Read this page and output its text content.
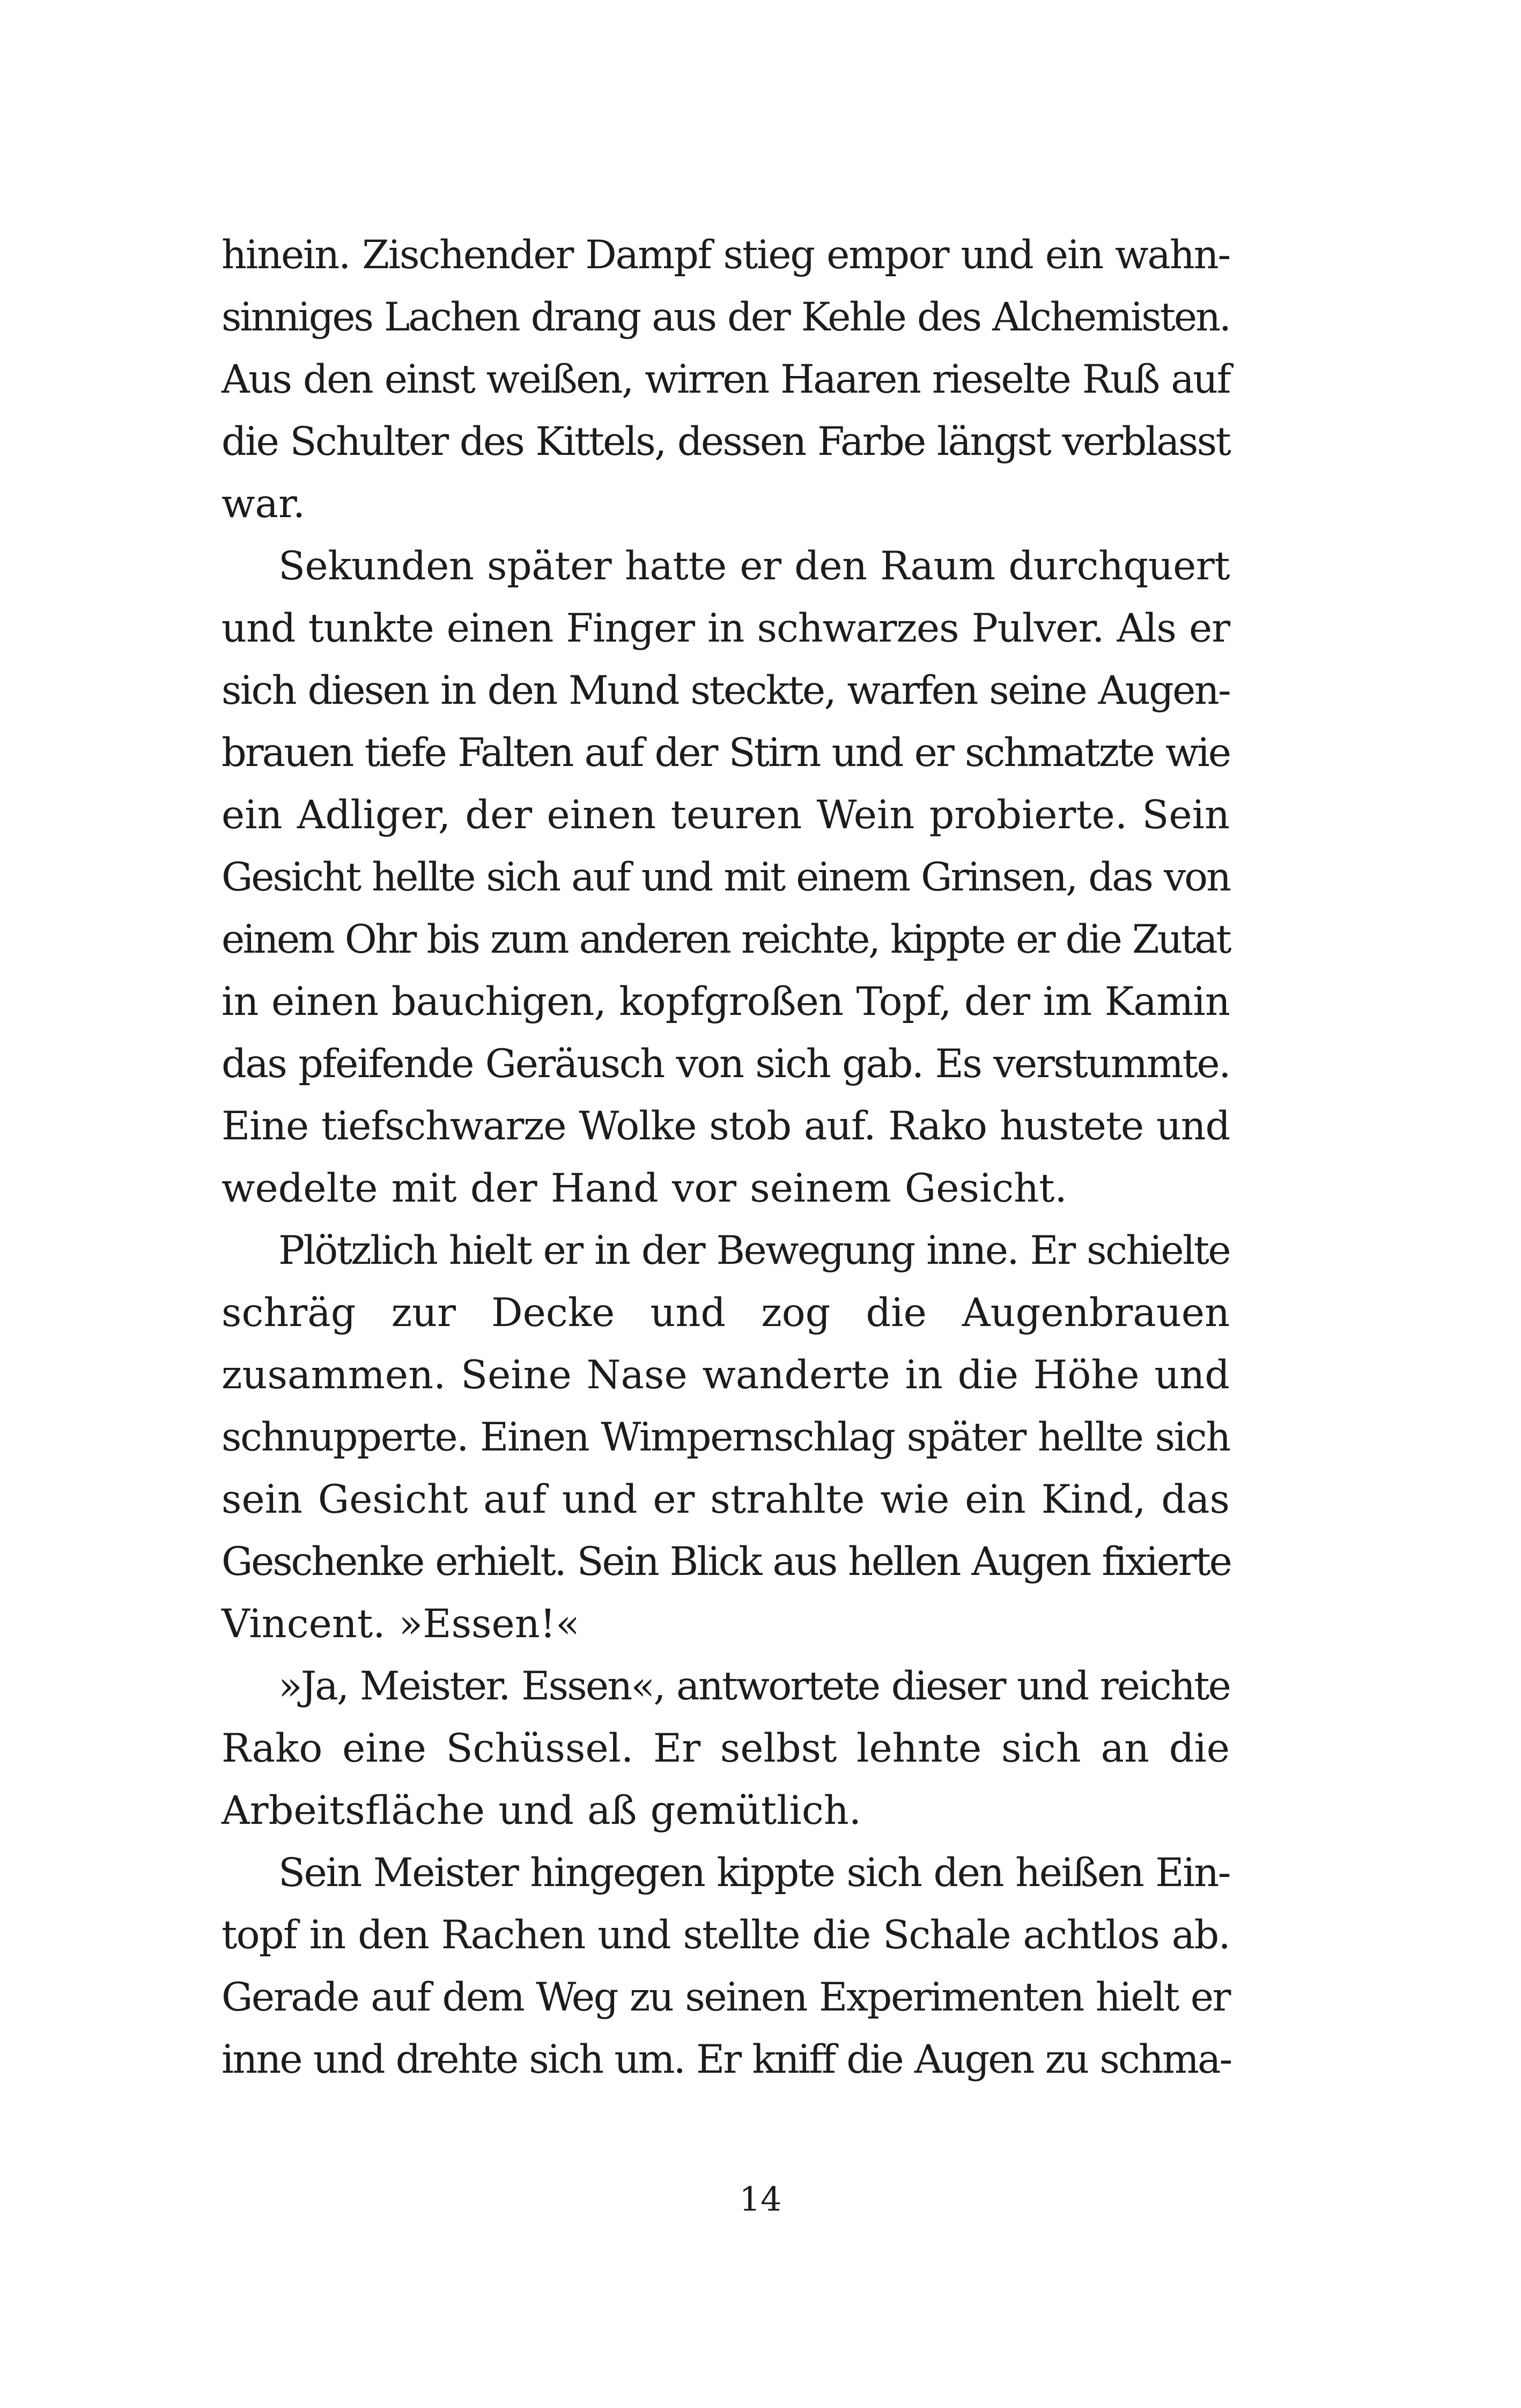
hinein. Zischender Dampf stieg empor und ein wahn-
sinniges Lachen drang aus der Kehle des Alchemisten.
Aus den einst weißen, wirren Haaren rieselte Ruß auf
die Schulter des Kittels, dessen Farbe längst verblasst
war.
Sekunden später hatte er den Raum durchquert
und tunkte einen Finger in schwarzes Pulver. Als er
sich diesen in den Mund steckte, warfen seine Augen-
brauen tiefe Falten auf der Stirn und er schmatzte wie
ein Adliger, der einen teuren Wein probierte. Sein
Gesicht hellte sich auf und mit einem Grinsen, das von
einem Ohr bis zum anderen reichte, kippte er die Zutat
in einen bauchigen, kopfgroßen Topf, der im Kamin
das pfeifende Geräusch von sich gab. Es verstummte.
Eine tiefschwarze Wolke stob auf. Rako hustete und
wedelte mit der Hand vor seinem Gesicht.
Plötzlich hielt er in der Bewegung inne. Er schielte
schräg zur Decke und zog die Augenbrauen
zusammen. Seine Nase wanderte in die Höhe und
schnupperte. Einen Wimpernschlag später hellte sich
sein Gesicht auf und er strahlte wie ein Kind, das
Geschenke erhielt. Sein Blick aus hellen Augen fixierte
Vincent. »Essen!«
»Ja, Meister. Essen«, antwortete dieser und reichte
Rako eine Schüssel. Er selbst lehnte sich an die
Arbeitsfläche und aß gemütlich.
Sein Meister hingegen kippte sich den heißen Ein-
topf in den Rachen und stellte die Schale achtlos ab.
Gerade auf dem Weg zu seinen Experimenten hielt er
inne und drehte sich um. Er kniff die Augen zu schma-
14
